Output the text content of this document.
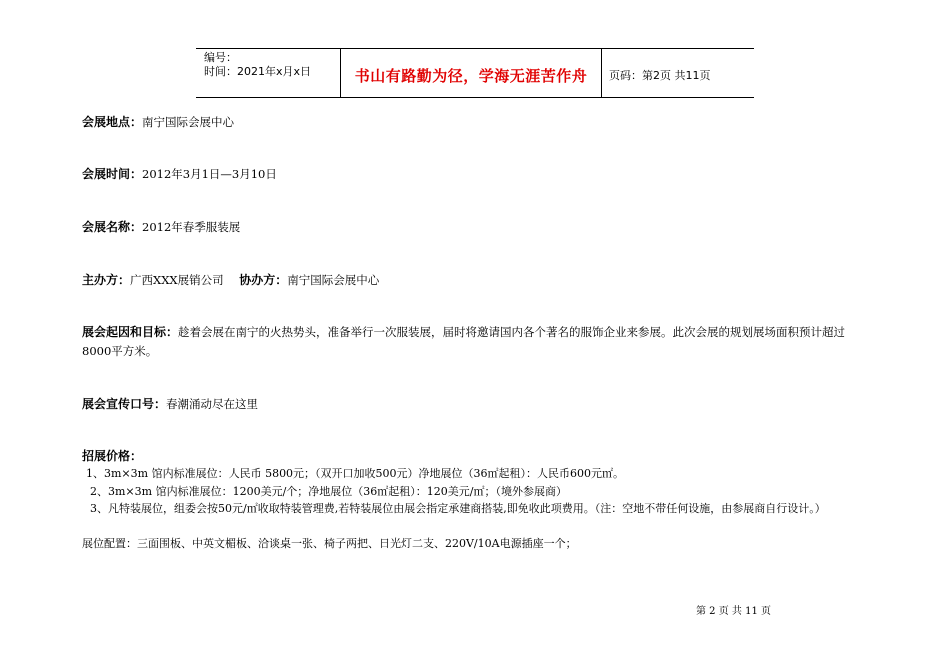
编号：
时间：2021年x月x日	书山有路勤为径，学海无涯苦作舟	页码：第2页 共11页
会展地点：南宁国际会展中心
会展时间：2012年3月1日—3月10日
会展名称：2012年春季服装展
主办方：广西XXX展销公司 协办方：南宁国际会展中心
展会起因和目标：趁着会展在南宁的火热势头，准备举行一次服装展，届时将邀请国内各个著名的服饰企业来参展。此次会展的规划展场面积预计超过8000平方米。
展会宣传口号：春潮涌动尽在这里
招展价格：
1、3m×3m 馆内标准展位：人民币 5800元；（双开口加收500元）净地展位（36㎡起租）：人民币600元㎡。
2、3m×3m 馆内标准展位：1200美元/个；净地展位（36㎡起租）：120美元/㎡；（境外参展商）
3、凡特装展位，组委会按50元/㎡收取特装管理费,若特装展位由展会指定承建商搭装,即免收此项费用。（注：空地不带任何设施，由参展商自行设计。）
展位配置：三面围板、中英文楣板、洽谈桌一张、椅子两把、日光灯二支、220V/10A电源插座一个；
第 2 页 共 11 页
